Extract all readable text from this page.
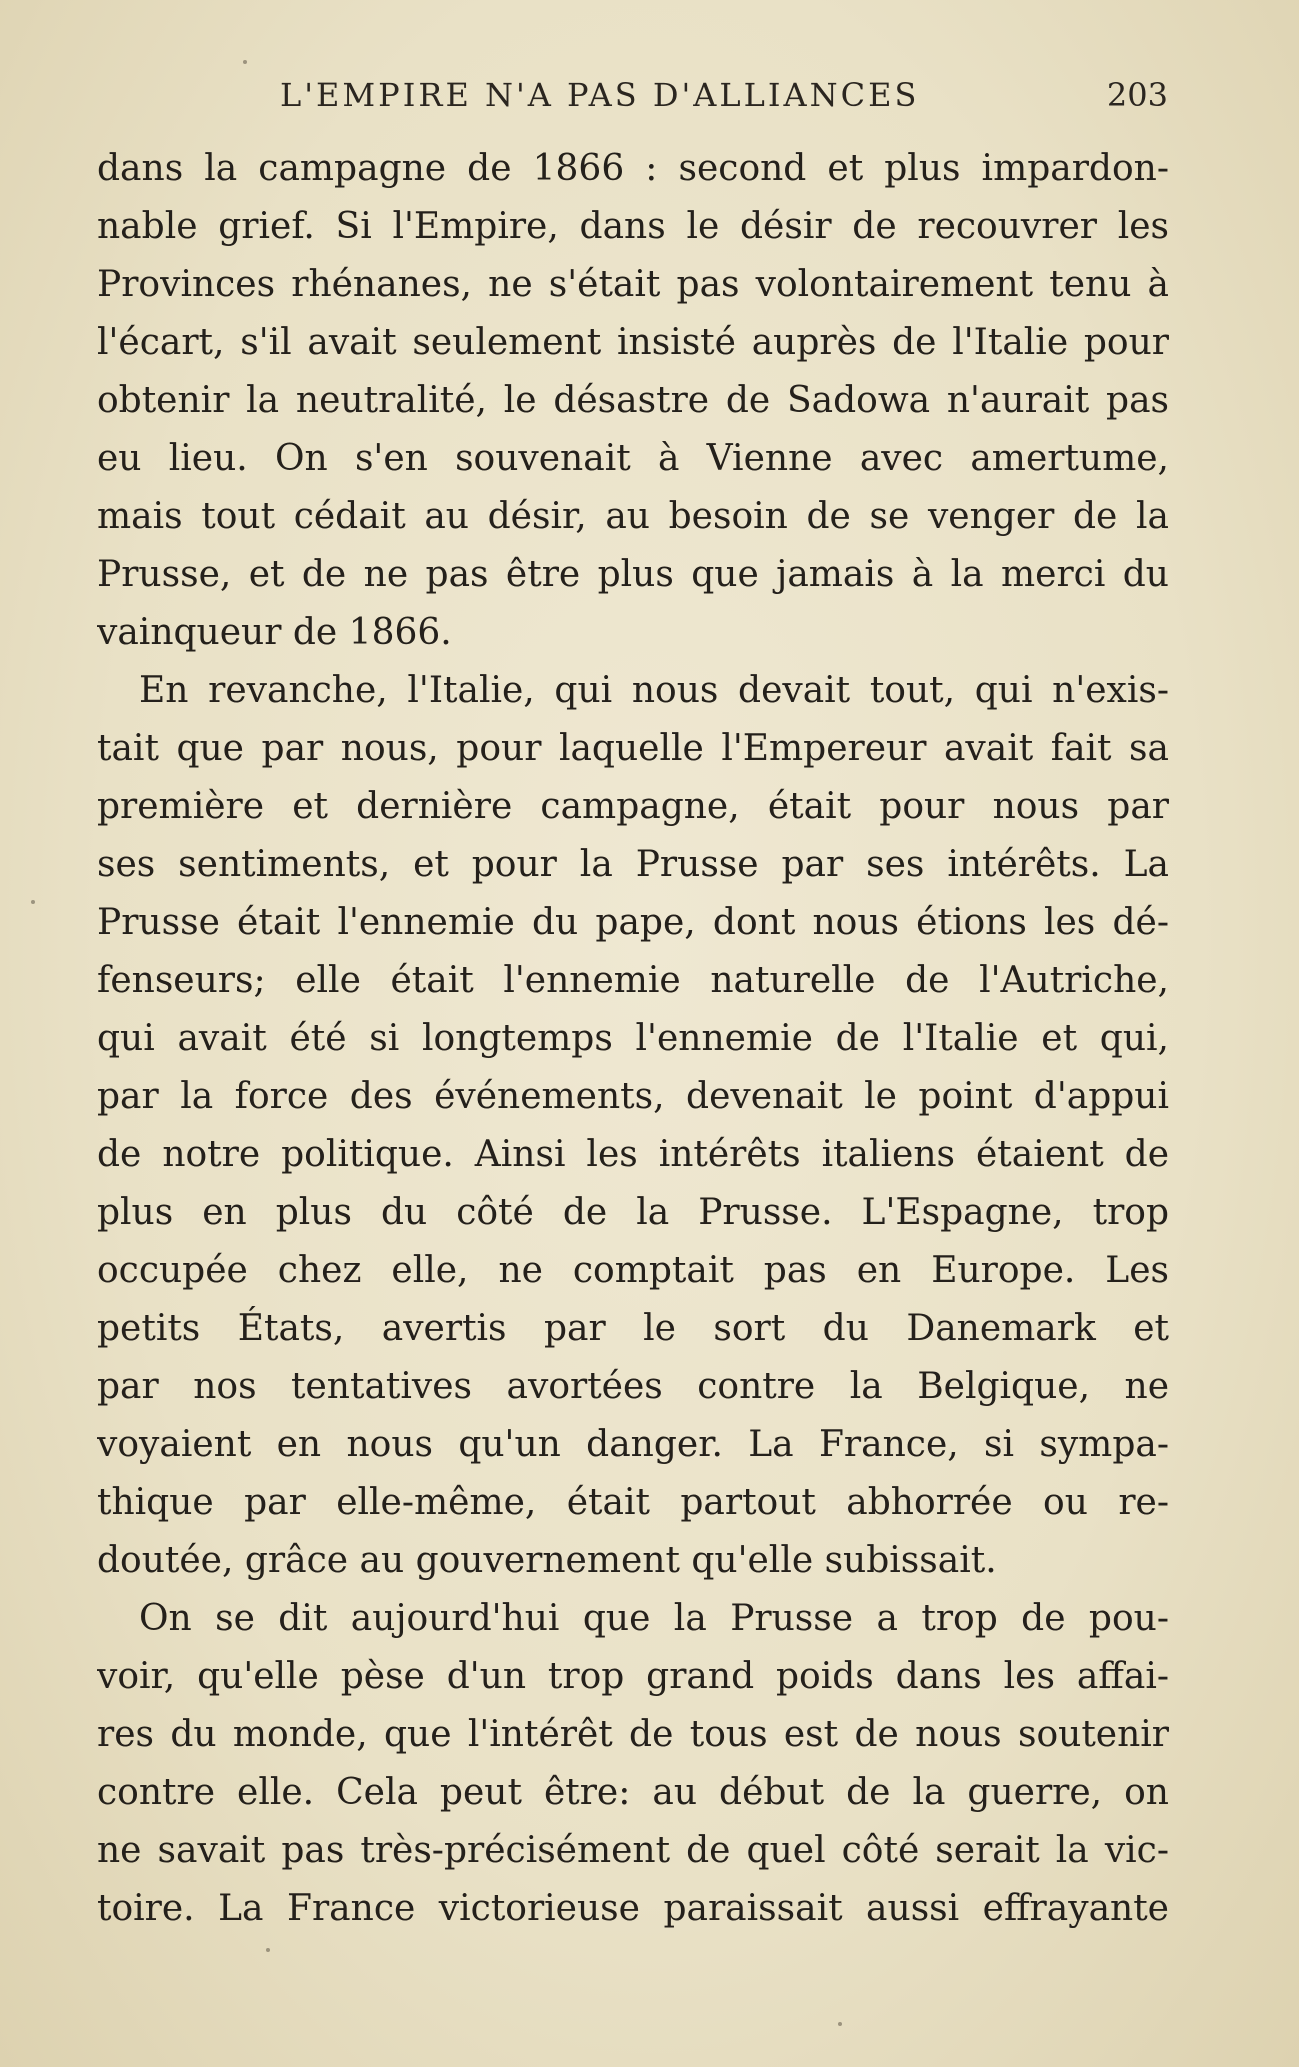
L'EMPIRE N'A PAS D'ALLIANCES	203
dans la campagne de 1866 : second et plus impardon-
nable grief. Si l'Empire, dans le désir de recouvrer les
Provinces rhénanes, ne s'était pas volontairement tenu à
l'écart, s'il avait seulement insisté auprès de l'Italie pour
obtenir la neutralité, le désastre de Sadowa n'aurait pas
eu lieu. On s'en souvenait à Vienne avec amertume,
mais tout cédait au désir, au besoin de se venger de la
Prusse, et de ne pas être plus que jamais à la merci du
vainqueur de 1866.
En revanche, l'Italie, qui nous devait tout, qui n'exis-
tait que par nous, pour laquelle l'Empereur avait fait sa
première et dernière campagne, était pour nous par
ses sentiments, et pour la Prusse par ses intérêts. La
Prusse était l'ennemie du pape, dont nous étions les dé-
fenseurs; elle était l'ennemie naturelle de l'Autriche,
qui avait été si longtemps l'ennemie de l'Italie et qui,
par la force des événements, devenait le point d'appui
de notre politique. Ainsi les intérêts italiens étaient de
plus en plus du côté de la Prusse. L'Espagne, trop
occupée chez elle, ne comptait pas en Europe. Les
petits États, avertis par le sort du Danemark et
par nos tentatives avortées contre la Belgique, ne
voyaient en nous qu'un danger. La France, si sympa-
thique par elle-même, était partout abhorrée ou re-
doutée, grâce au gouvernement qu'elle subissait.
On se dit aujourd'hui que la Prusse a trop de pou-
voir, qu'elle pèse d'un trop grand poids dans les affai-
res du monde, que l'intérêt de tous est de nous soutenir
contre elle. Cela peut être: au début de la guerre, on
ne savait pas très-précisément de quel côté serait la vic-
toire. La France victorieuse paraissait aussi effrayante
